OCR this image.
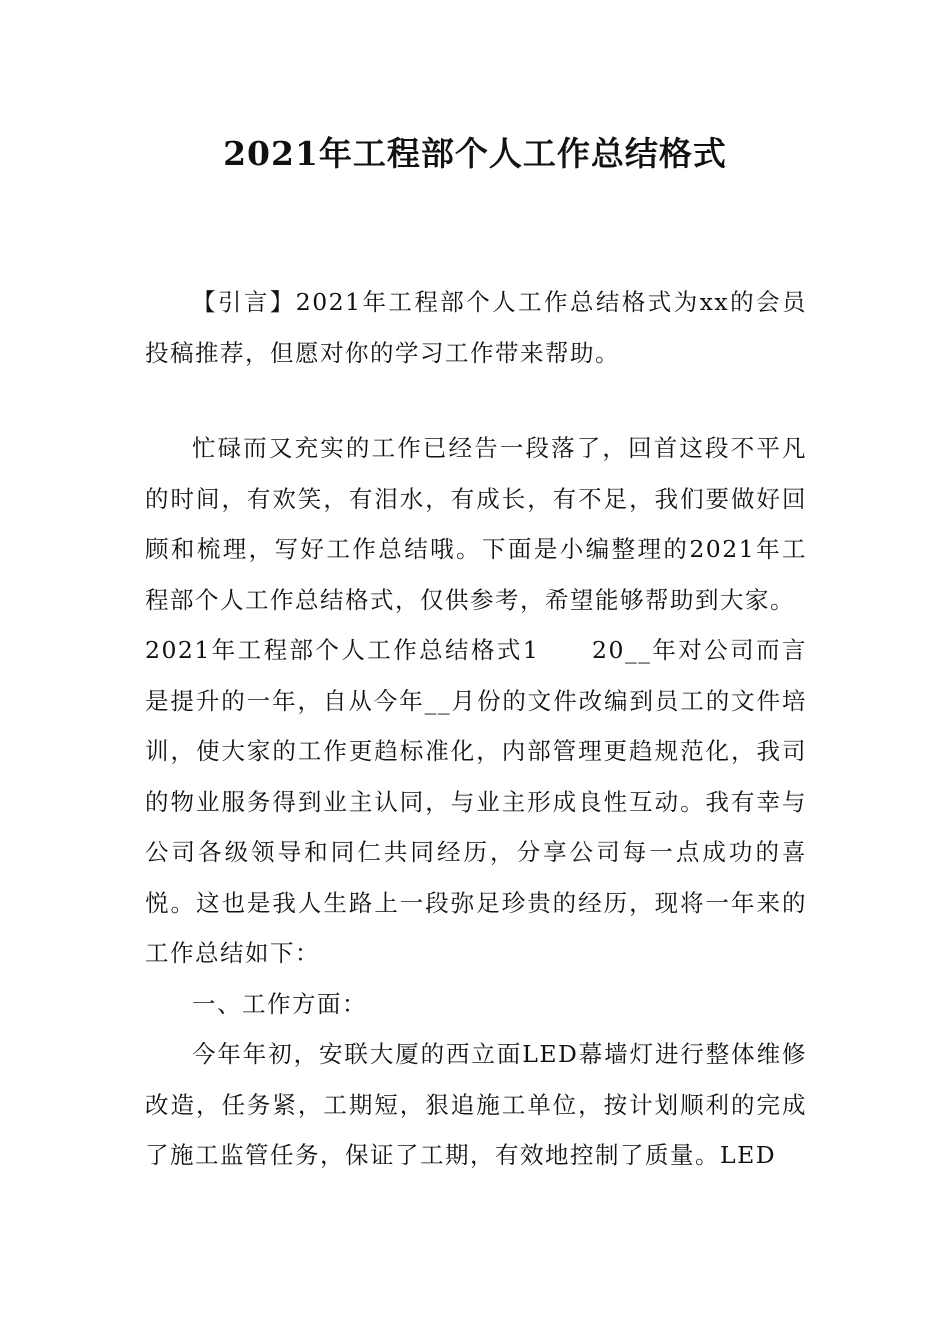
2021年工程部个人工作总结格式

【引言】2021年工程部个人工作总结格式为xx的会员投稿推荐，但愿对你的学习工作带来帮助。

忙碌而又充实的工作已经告一段落了，回首这段不平凡的时间，有欢笑，有泪水，有成长，有不足，我们要做好回顾和梳理，写好工作总结哦。下面是小编整理的2021年工程部个人工作总结格式，仅供参考，希望能够帮助到大家。

2021年工程部个人工作总结格式1　　20__年对公司而言是提升的一年，自从今年__月份的文件改编到员工的文件培训，使大家的工作更趋标准化，内部管理更趋规范化，我司的物业服务得到业主认同，与业主形成良性互动。我有幸与公司各级领导和同仁共同经历，分享公司每一点成功的喜悦。这也是我人生路上一段弥足珍贵的经历，现将一年来的工作总结如下：

一、工作方面：

今年年初，安联大厦的西立面LED幕墙灯进行整体维修改造，任务紧，工期短，狠追施工单位，按计划顺利的完成了施工监管任务，保证了工期，有效地控制了质量。LED
